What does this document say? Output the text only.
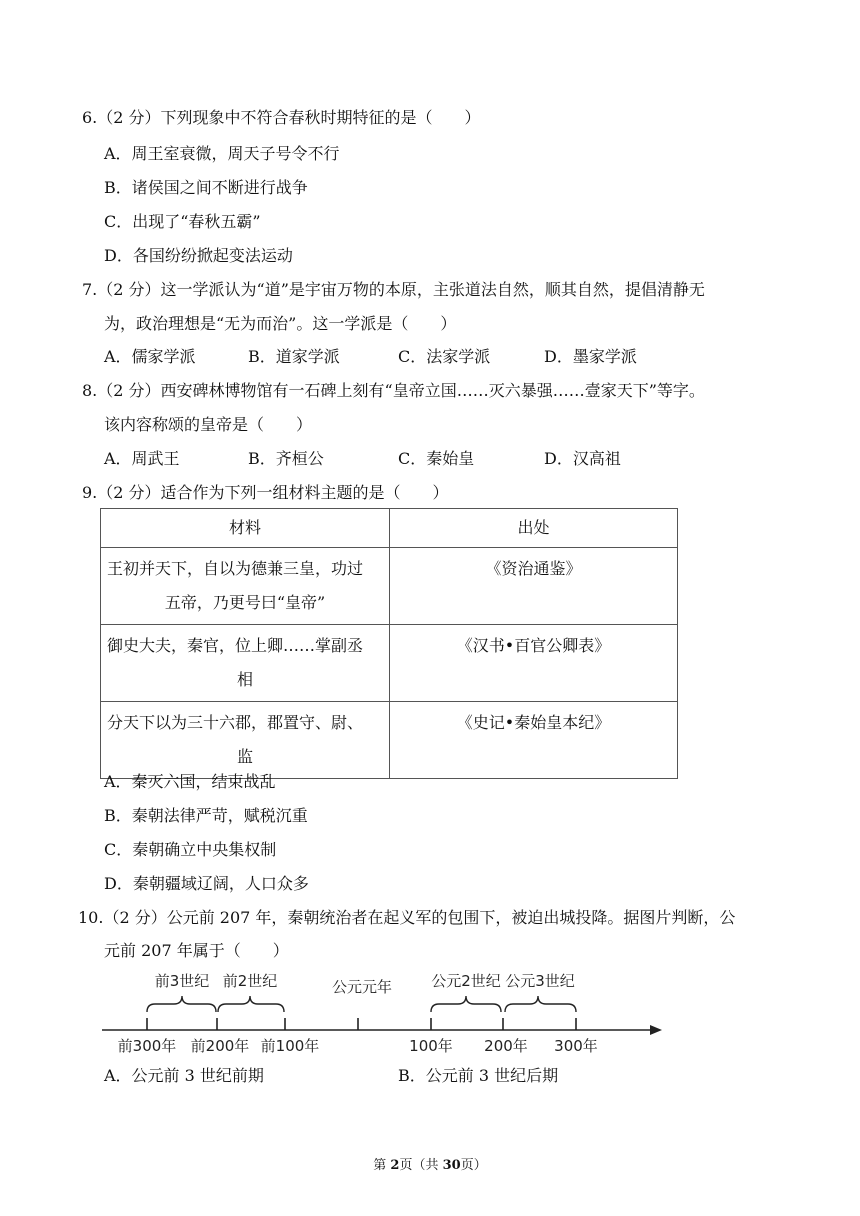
6.（2 分）下列现象中不符合春秋时期特征的是（　　）
A．周王室衰微，周天子号令不行
B．诸侯国之间不断进行战争
C．出现了“春秋五霸”
D．各国纷纷掀起变法运动
7.（2 分）这一学派认为“道”是宇宙万物的本原，主张道法自然，顺其自然，提倡清静无
为，政治理想是“无为而治”。这一学派是（　　）
A．儒家学派	B．道家学派	C．法家学派	D．墨家学派
8.（2 分）西安碑林博物馆有一石碑上刻有“皇帝立国……灭六暴强……壹家天下”等字。
该内容称颂的皇帝是（　　）
A．周武王	B．齐桓公	C．秦始皇	D．汉高祖
9.（2 分）适合作为下列一组材料主题的是（　　）
材料	出处

王初并天下，自以为德兼三皇，功过
五帝，乃更号曰“皇帝”	《资治通鉴》

御史大夫，秦官，位上卿……掌副丞
相	《汉书•百官公卿表》

分天下以为三十六郡，郡置守、尉、
监	《史记•秦始皇本纪》
A．秦灭六国，结束战乱
B．秦朝法律严苛，赋税沉重
C．秦朝确立中央集权制
D．秦朝疆域辽阔，人口众多
10.（2 分）公元前 207 年，秦朝统治者在起义军的包围下，被迫出城投降。据图片判断，公
元前 207 年属于（　　）
前3世纪 前2世纪	公元元年	公元2世纪 公元3世纪
前300年 前200年 前100年	100年 200年 300年
A．公元前 3 世纪前期	B．公元前 3 世纪后期
第 2页（共 30页）
